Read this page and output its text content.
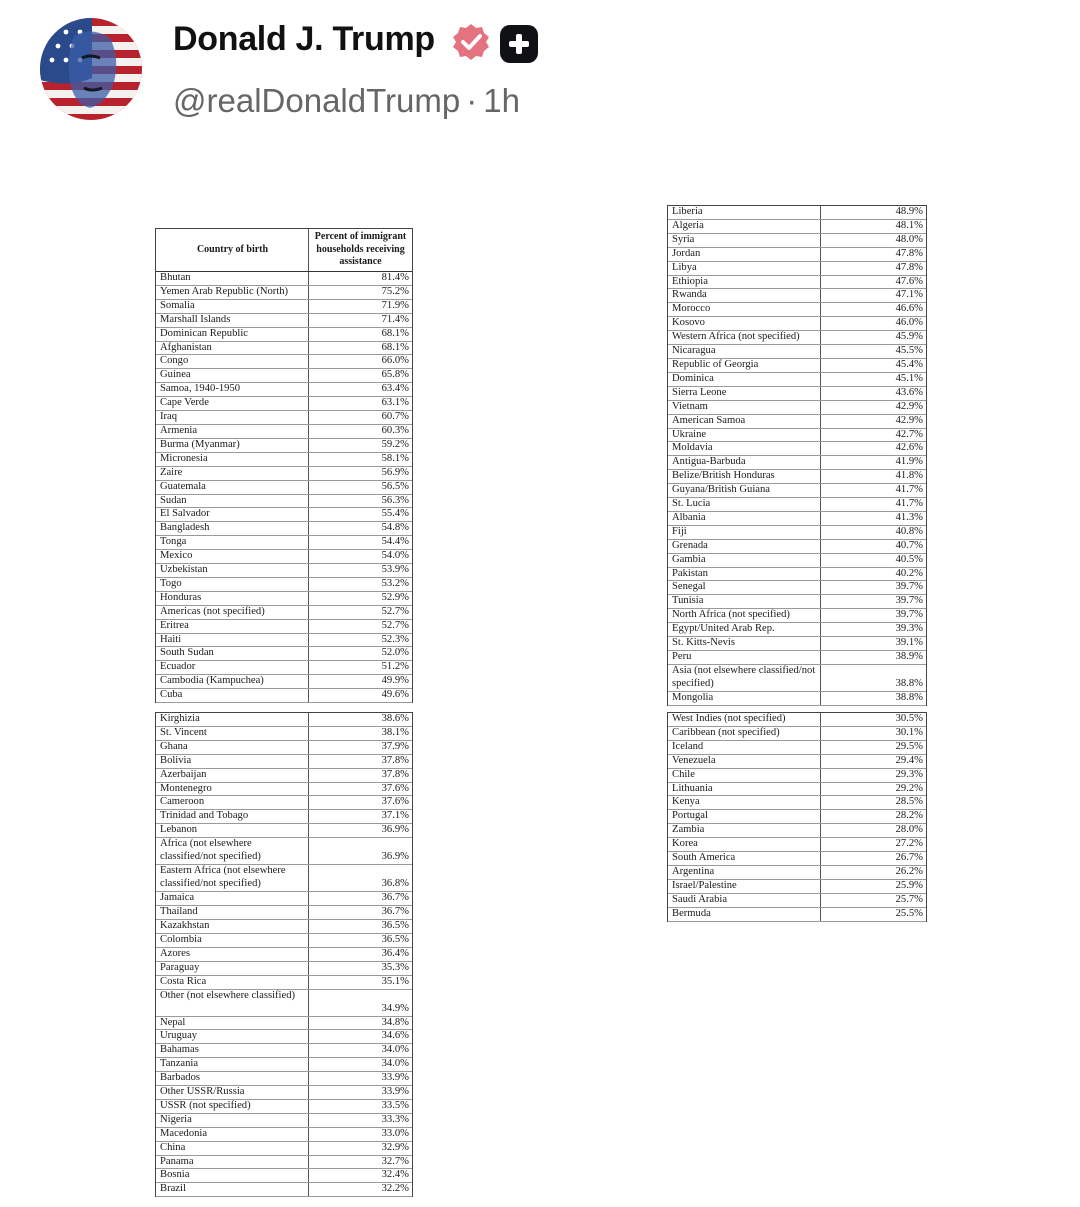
Donald J. Trump
@realDonaldTrump · 1h
Country of birth	Percent of immigrant households receiving assistance
Bhutan	81.4%
Yemen Arab Republic (North)	75.2%
Somalia	71.9%
Marshall Islands	71.4%
Dominican Republic	68.1%
Afghanistan	68.1%
Congo	66.0%
Guinea	65.8%
Samoa, 1940-1950	63.4%
Cape Verde	63.1%
Iraq	60.7%
Armenia	60.3%
Burma (Myanmar)	59.2%
Micronesia	58.1%
Zaire	56.9%
Guatemala	56.5%
Sudan	56.3%
El Salvador	55.4%
Bangladesh	54.8%
Tonga	54.4%
Mexico	54.0%
Uzbekistan	53.9%
Togo	53.2%
Honduras	52.9%
Americas (not specified)	52.7%
Eritrea	52.7%
Haiti	52.3%
South Sudan	52.0%
Ecuador	51.2%
Cambodia (Kampuchea)	49.9%
Cuba	49.6%
Kirghizia	38.6%
St. Vincent	38.1%
Ghana	37.9%
Bolivia	37.8%
Azerbaijan	37.8%
Montenegro	37.6%
Cameroon	37.6%
Trinidad and Tobago	37.1%
Lebanon	36.9%
Africa (not elsewhere classified/not specified)	36.9%
Eastern Africa (not elsewhere classified/not specified)	36.8%
Jamaica	36.7%
Thailand	36.7%
Kazakhstan	36.5%
Colombia	36.5%
Azores	36.4%
Paraguay	35.3%
Costa Rica	35.1%
Other (not elsewhere classified)	34.9%
Nepal	34.8%
Uruguay	34.6%
Bahamas	34.0%
Tanzania	34.0%
Barbados	33.9%
Other USSR/Russia	33.9%
USSR (not specified)	33.5%
Nigeria	33.3%
Macedonia	33.0%
China	32.9%
Panama	32.7%
Bosnia	32.4%
Brazil	32.2%
Liberia	48.9%
Algeria	48.1%
Syria	48.0%
Jordan	47.8%
Libya	47.8%
Ethiopia	47.6%
Rwanda	47.1%
Morocco	46.6%
Kosovo	46.0%
Western Africa (not specified)	45.9%
Nicaragua	45.5%
Republic of Georgia	45.4%
Dominica	45.1%
Sierra Leone	43.6%
Vietnam	42.9%
American Samoa	42.9%
Ukraine	42.7%
Moldavia	42.6%
Antigua-Barbuda	41.9%
Belize/British Honduras	41.8%
Guyana/British Guiana	41.7%
St. Lucia	41.7%
Albania	41.3%
Fiji	40.8%
Grenada	40.7%
Gambia	40.5%
Pakistan	40.2%
Senegal	39.7%
Tunisia	39.7%
North Africa (not specified)	39.7%
Egypt/United Arab Rep.	39.3%
St. Kitts-Nevis	39.1%
Peru	38.9%
Asia (not elsewhere classified/not specified)	38.8%
Mongolia	38.8%
West Indies (not specified)	30.5%
Caribbean (not specified)	30.1%
Iceland	29.5%
Venezuela	29.4%
Chile	29.3%
Lithuania	29.2%
Kenya	28.5%
Portugal	28.2%
Zambia	28.0%
Korea	27.2%
South America	26.7%
Argentina	26.2%
Israel/Palestine	25.9%
Saudi Arabia	25.7%
Bermuda	25.5%
